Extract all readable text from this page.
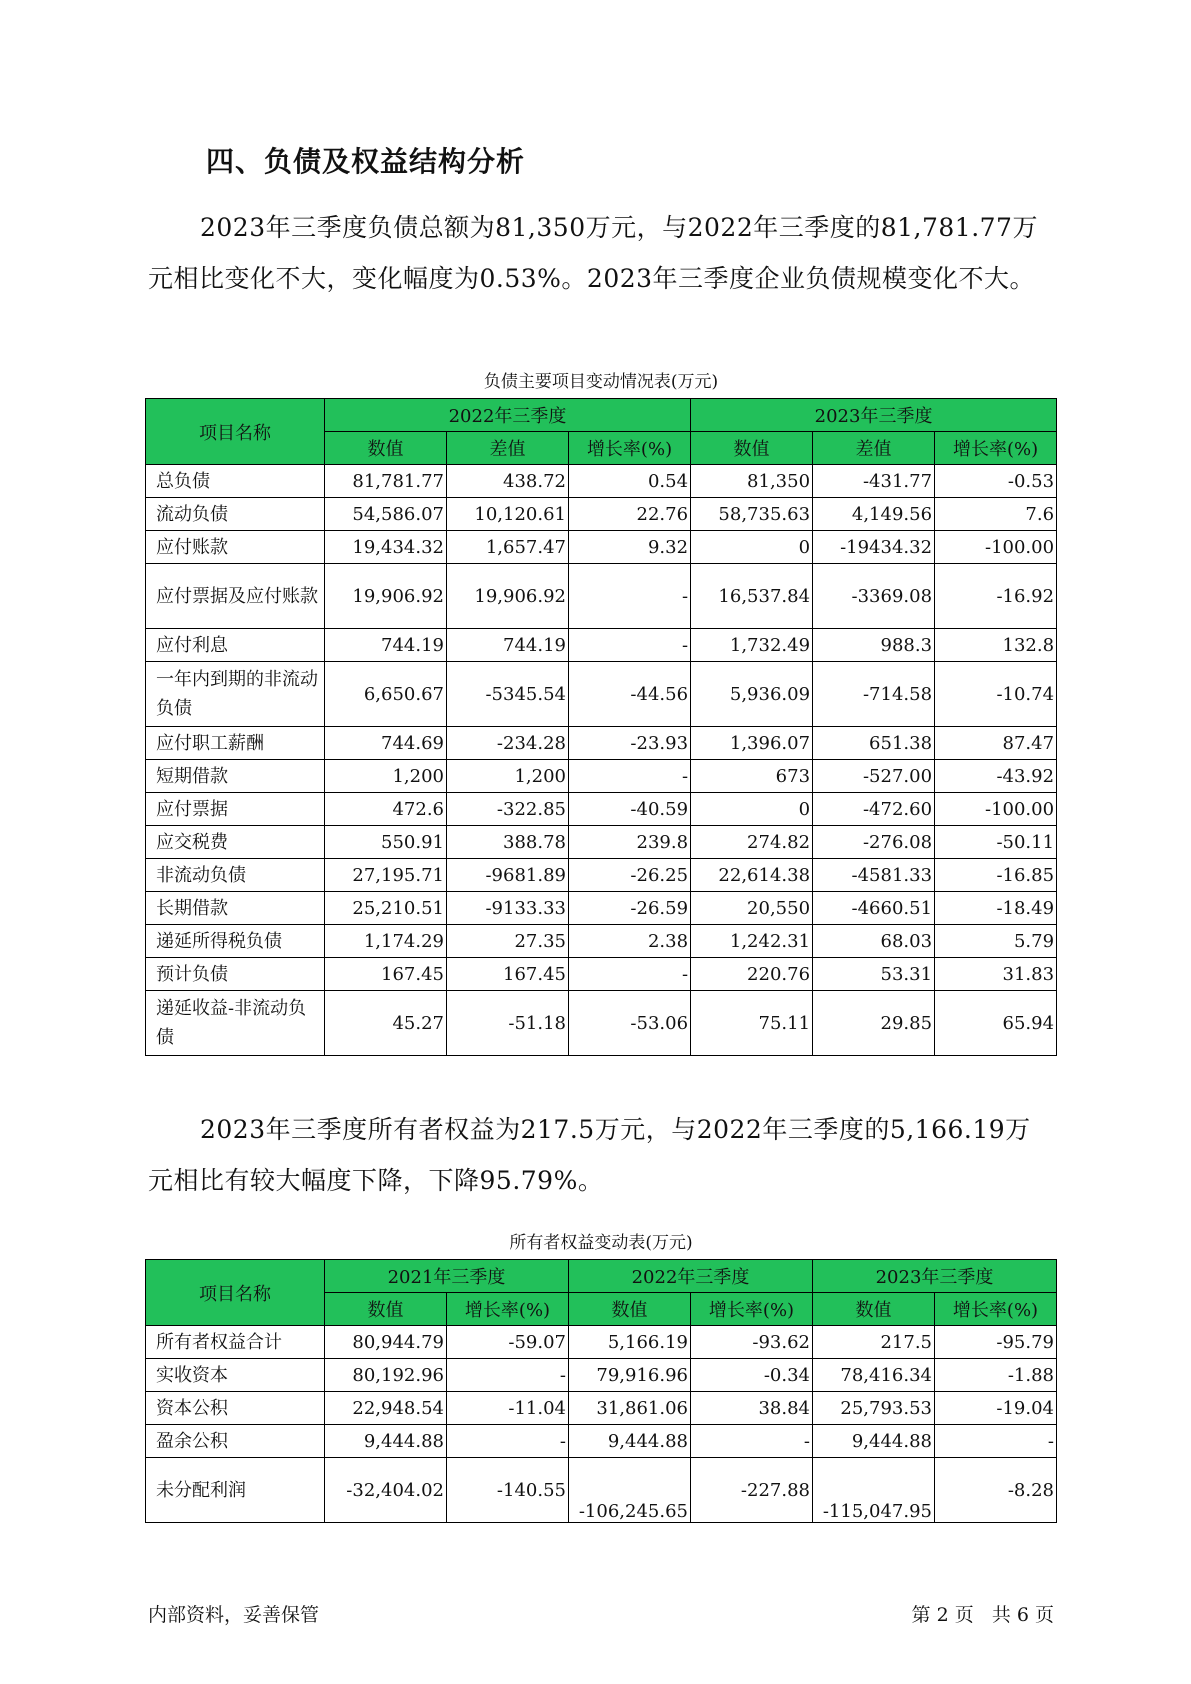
四、负债及权益结构分析

2023年三季度负债总额为81,350万元，与2022年三季度的81,781.77万元相比变化不大，变化幅度为0.53%。2023年三季度企业负债规模变化不大。

负债主要项目变动情况表(万元)
项目名称	2022年三季度			2023年三季度		
	数值	差值	增长率(%)	数值	差值	增长率(%)
总负债	81,781.77	438.72	0.54	81,350	-431.77	-0.53
流动负债	54,586.07	10,120.61	22.76	58,735.63	4,149.56	7.6
应付账款	19,434.32	1,657.47	9.32	0	-19434.32	-100.00
应付票据及应付账款	19,906.92	19,906.92	-	16,537.84	-3369.08	-16.92
应付利息	744.19	744.19	-	1,732.49	988.3	132.8
一年内到期的非流动负债	6,650.67	-5345.54	-44.56	5,936.09	-714.58	-10.74
应付职工薪酬	744.69	-234.28	-23.93	1,396.07	651.38	87.47
短期借款	1,200	1,200	-	673	-527.00	-43.92
应付票据	472.6	-322.85	-40.59	0	-472.60	-100.00
应交税费	550.91	388.78	239.8	274.82	-276.08	-50.11
非流动负债	27,195.71	-9681.89	-26.25	22,614.38	-4581.33	-16.85
长期借款	25,210.51	-9133.33	-26.59	20,550	-4660.51	-18.49
递延所得税负债	1,174.29	27.35	2.38	1,242.31	68.03	5.79
预计负债	167.45	167.45	-	220.76	53.31	31.83
递延收益-非流动负债	45.27	-51.18	-53.06	75.11	29.85	65.94

2023年三季度所有者权益为217.5万元，与2022年三季度的5,166.19万元相比有较大幅度下降，下降95.79%。

所有者权益变动表(万元)
项目名称	2021年三季度		2022年三季度		2023年三季度	
	数值	增长率(%)	数值	增长率(%)	数值	增长率(%)
所有者权益合计	80,944.79	-59.07	5,166.19	-93.62	217.5	-95.79
实收资本	80,192.96	-	79,916.96	-0.34	78,416.34	-1.88
资本公积	22,948.54	-11.04	31,861.06	38.84	25,793.53	-19.04
盈余公积	9,444.88	-	9,444.88	-	9,444.88	-
未分配利润	-32,404.02	-140.55	-106,245.65	-227.88	-115,047.95	-8.28
内部资料，妥善保管	第 2 页   共 6 页
